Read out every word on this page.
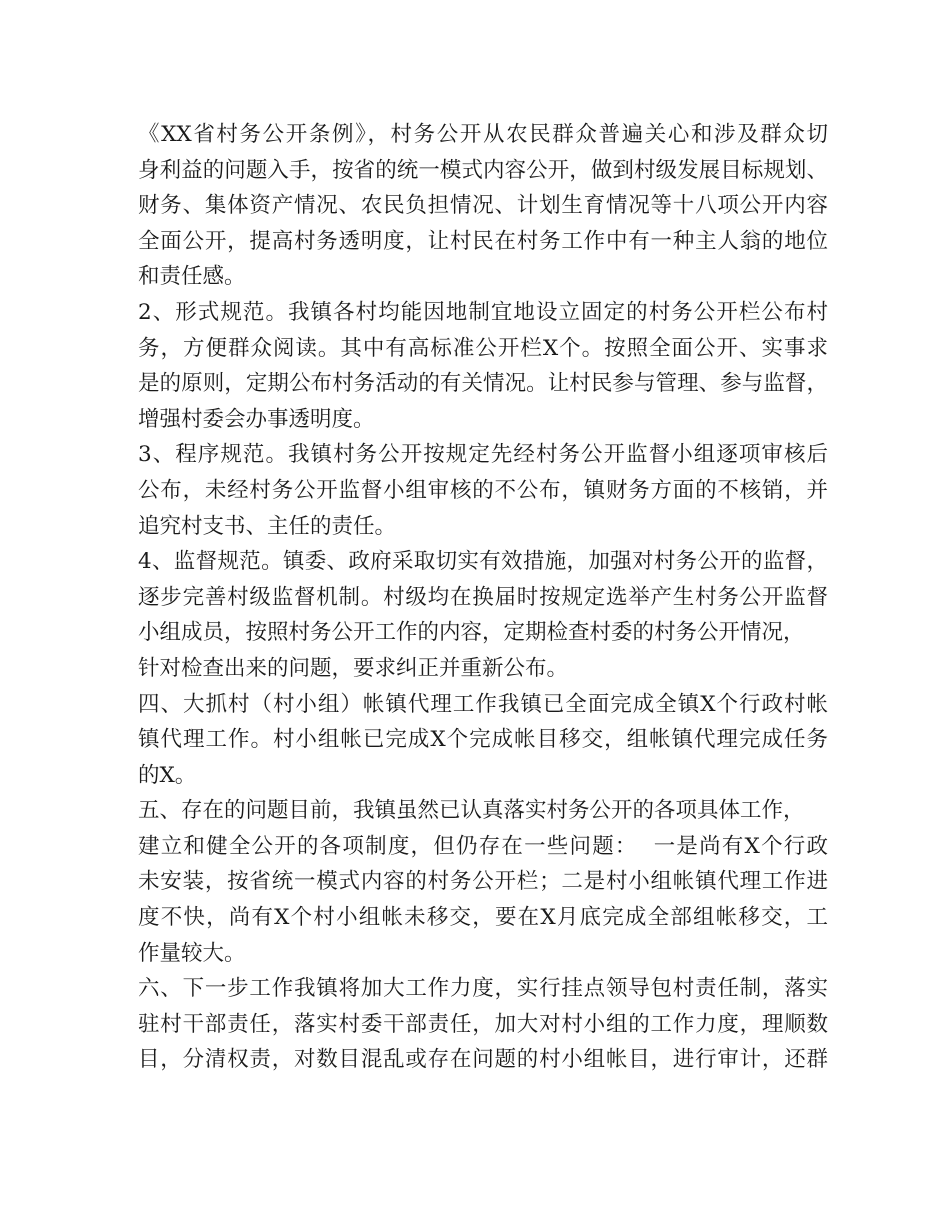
《XX省村务公开条例》，村务公开从农民群众普遍关心和涉及群众切
身利益的问题入手，按省的统一模式内容公开，做到村级发展目标规划、
财务、集体资产情况、农民负担情况、计划生育情况等十八项公开内容
全面公开，提高村务透明度，让村民在村务工作中有一种主人翁的地位
和责任感。
2、形式规范。我镇各村均能因地制宜地设立固定的村务公开栏公布村
务，方便群众阅读。其中有高标准公开栏X个。按照全面公开、实事求
是的原则，定期公布村务活动的有关情况。让村民参与管理、参与监督，
增强村委会办事透明度。
3、程序规范。我镇村务公开按规定先经村务公开监督小组逐项审核后
公布，未经村务公开监督小组审核的不公布，镇财务方面的不核销，并
追究村支书、主任的责任。
4、监督规范。镇委、政府采取切实有效措施，加强对村务公开的监督，
逐步完善村级监督机制。村级均在换届时按规定选举产生村务公开监督
小组成员，按照村务公开工作的内容，定期检查村委的村务公开情况，
针对检查出来的问题，要求纠正并重新公布。
四、大抓村（村小组）帐镇代理工作我镇已全面完成全镇X个行政村帐
镇代理工作。村小组帐已完成X个完成帐目移交，组帐镇代理完成任务
的X。
五、存在的问题目前，我镇虽然已认真落实村务公开的各项具体工作，
建立和健全公开的各项制度，但仍存在一些问题：  一是尚有X个行政
未安装，按省统一模式内容的村务公开栏；二是村小组帐镇代理工作进
度不快，尚有X个村小组帐未移交，要在X月底完成全部组帐移交，工
作量较大。
六、下一步工作我镇将加大工作力度，实行挂点领导包村责任制，落实
驻村干部责任，落实村委干部责任，加大对村小组的工作力度，理顺数
目，分清权责，对数目混乱或存在问题的村小组帐目，进行审计，还群
